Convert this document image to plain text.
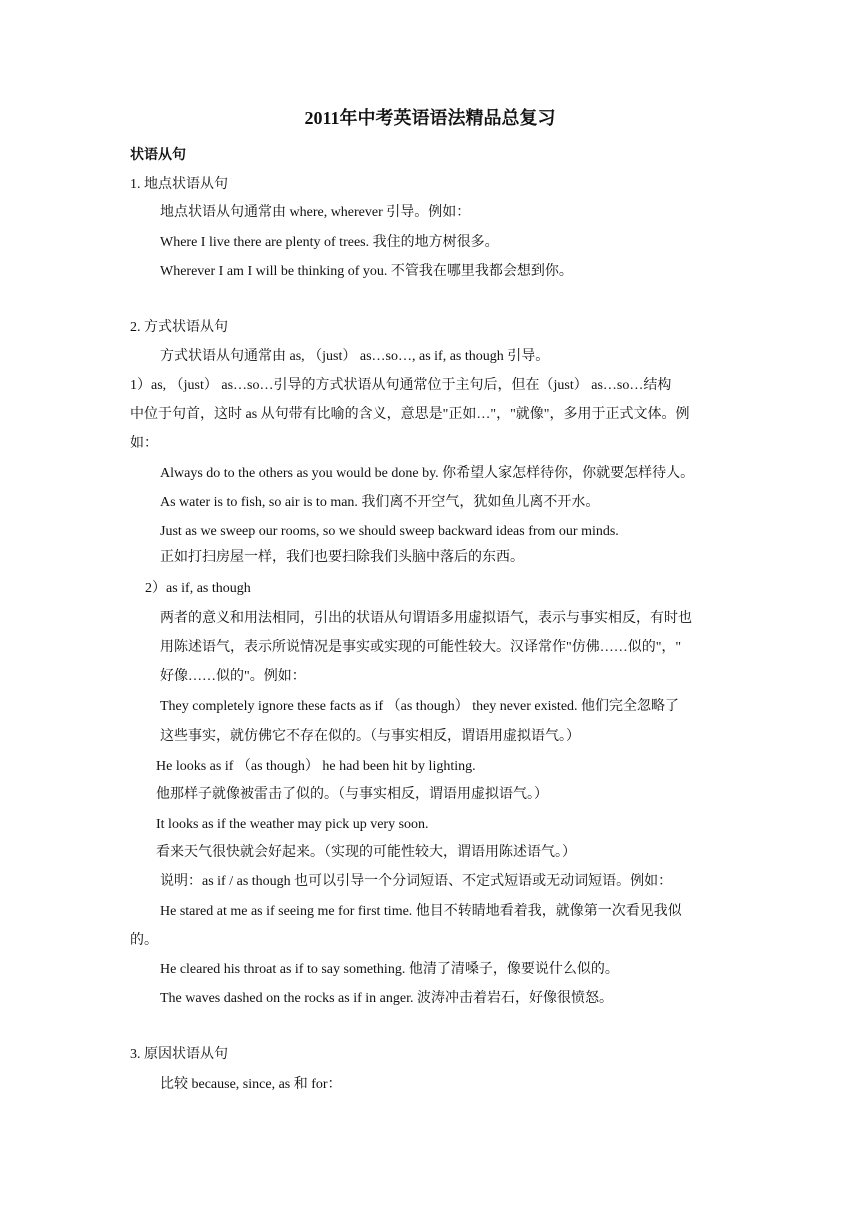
2011年中考英语语法精品总复习

状语从句

1. 地点状语从句

地点状语从句通常由 where, wherever 引导。例如：

Where I live there are plenty of trees. 我住的地方树很多。

Wherever I am I will be thinking of you. 不管我在哪里我都会想到你。

2. 方式状语从句

方式状语从句通常由 as, （just） as…so…, as if, as though 引导。

1）as, （just） as…so…引导的方式状语从句通常位于主句后，但在（just） as…so…结构

中位于句首，这时 as 从句带有比喻的含义，意思是"正如…"，"就像"，多用于正式文体。例

如：

Always do to the others as you would be done by. 你希望人家怎样待你，你就要怎样待人。

As water is to fish, so air is to man. 我们离不开空气，犹如鱼儿离不开水。

Just as we sweep our rooms, so we should sweep backward ideas from our minds.

正如打扫房屋一样，我们也要扫除我们头脑中落后的东西。

2）as if, as though

两者的意义和用法相同，引出的状语从句谓语多用虚拟语气，表示与事实相反，有时也

用陈述语气，表示所说情况是事实或实现的可能性较大。汉译常作"仿佛……似的"，"

好像……似的"。例如：

They completely ignore these facts as if （as though） they never existed. 他们完全忽略了

这些事实，就仿佛它不存在似的。（与事实相反，谓语用虚拟语气。）

He looks as if （as though） he had been hit by lighting.

他那样子就像被雷击了似的。（与事实相反，谓语用虚拟语气。）

It looks as if the weather may pick up very soon.

看来天气很快就会好起来。（实现的可能性较大，谓语用陈述语气。）

说明：as if / as though 也可以引导一个分词短语、不定式短语或无动词短语。例如：

He stared at me as if seeing me for first time. 他目不转睛地看着我，就像第一次看见我似

的。

He cleared his throat as if to say something. 他清了清嗓子，像要说什么似的。

The waves dashed on the rocks as if in anger. 波涛冲击着岩石，好像很愤怒。

3. 原因状语从句

比较 because, since, as 和 for：
